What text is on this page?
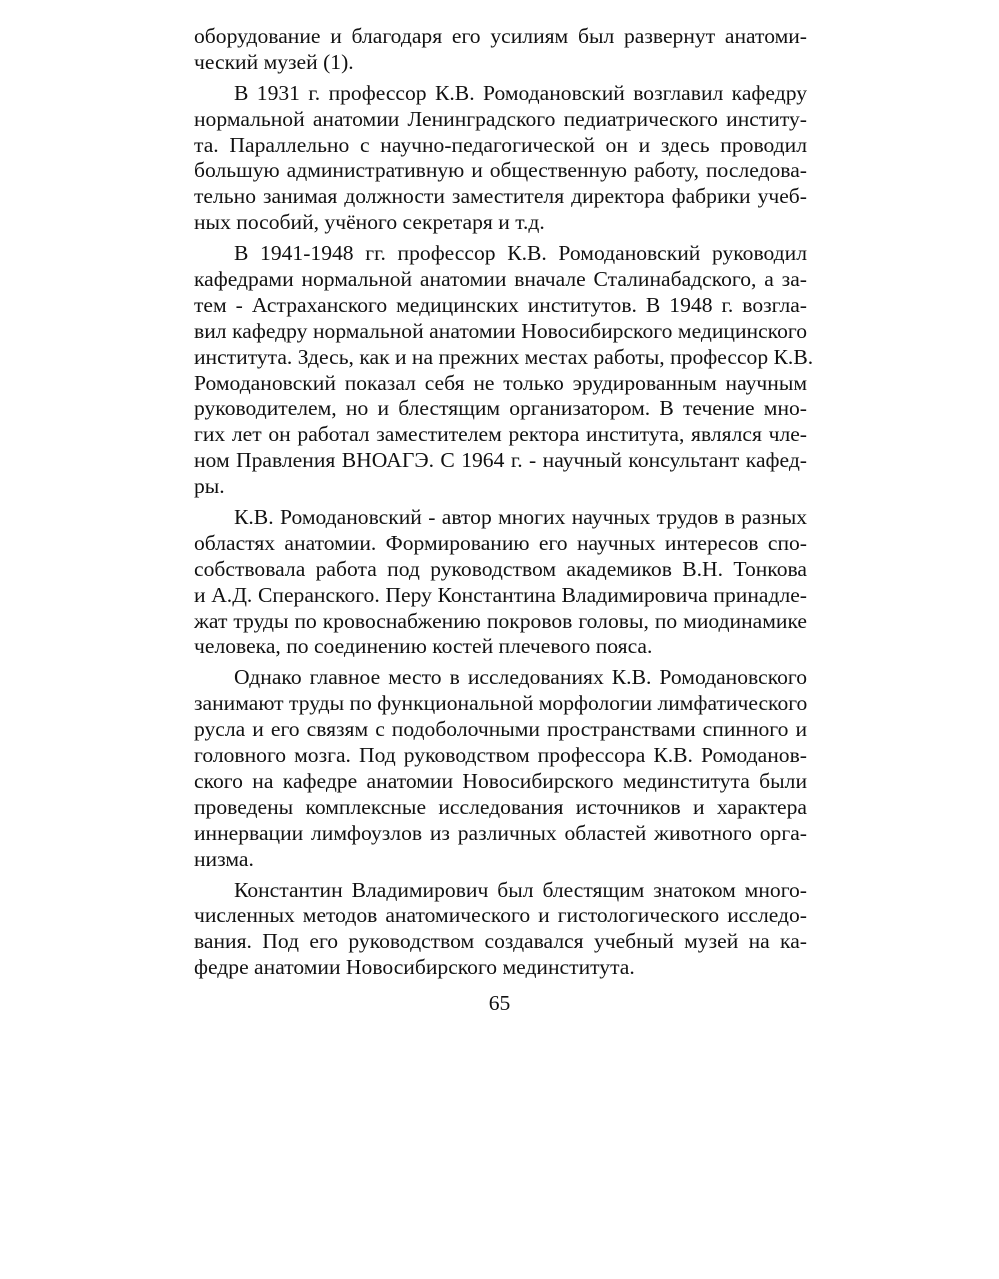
оборудование и благодаря его усилиям был развернут анатоми-
ческий музей (1).
В 1931 г. профессор К.В. Ромодановский возглавил кафедру
нормальной анатомии Ленинградского педиатрического институ-
та. Параллельно с научно-педагогической он и здесь проводил
большую административную и общественную работу, последова-
тельно занимая должности заместителя директора фабрики учеб-
ных пособий, учёного секретаря и т.д.
В 1941-1948 гг. профессор К.В. Ромодановский руководил
кафедрами нормальной анатомии вначале Сталинабадского, а за-
тем - Астраханского медицинских институтов. В 1948 г. возгла-
вил кафедру нормальной анатомии Новосибирского медицинского
института. Здесь, как и на прежних местах работы, профессор К.В.
Ромодановский показал себя не только эрудированным научным
руководителем, но и блестящим организатором. В течение мно-
гих лет он работал заместителем ректора института, являлся чле-
ном Правления ВНОАГЭ. С 1964 г. - научный консультант кафед-
ры.
К.В. Ромодановский - автор многих научных трудов в разных
областях анатомии. Формированию его научных интересов спо-
собствовала работа под руководством академиков В.Н. Тонкова
и А.Д. Сперанского. Перу Константина Владимировича принадле-
жат труды по кровоснабжению покровов головы, по миодинамике
человека, по соединению костей плечевого пояса.
Однако главное место в исследованиях К.В. Ромодановского
занимают труды по функциональной морфологии лимфатического
русла и его связям с подоболочными пространствами спинного и
головного мозга. Под руководством профессора К.В. Ромоданов-
ского на кафедре анатомии Новосибирского мединститута были
проведены комплексные исследования источников и характера
иннервации лимфоузлов из различных областей животного орга-
низма.
Константин Владимирович был блестящим знатоком много-
численных методов анатомического и гистологического исследо-
вания. Под его руководством создавался учебный музей на ка-
федре анатомии Новосибирского мединститута.
65
